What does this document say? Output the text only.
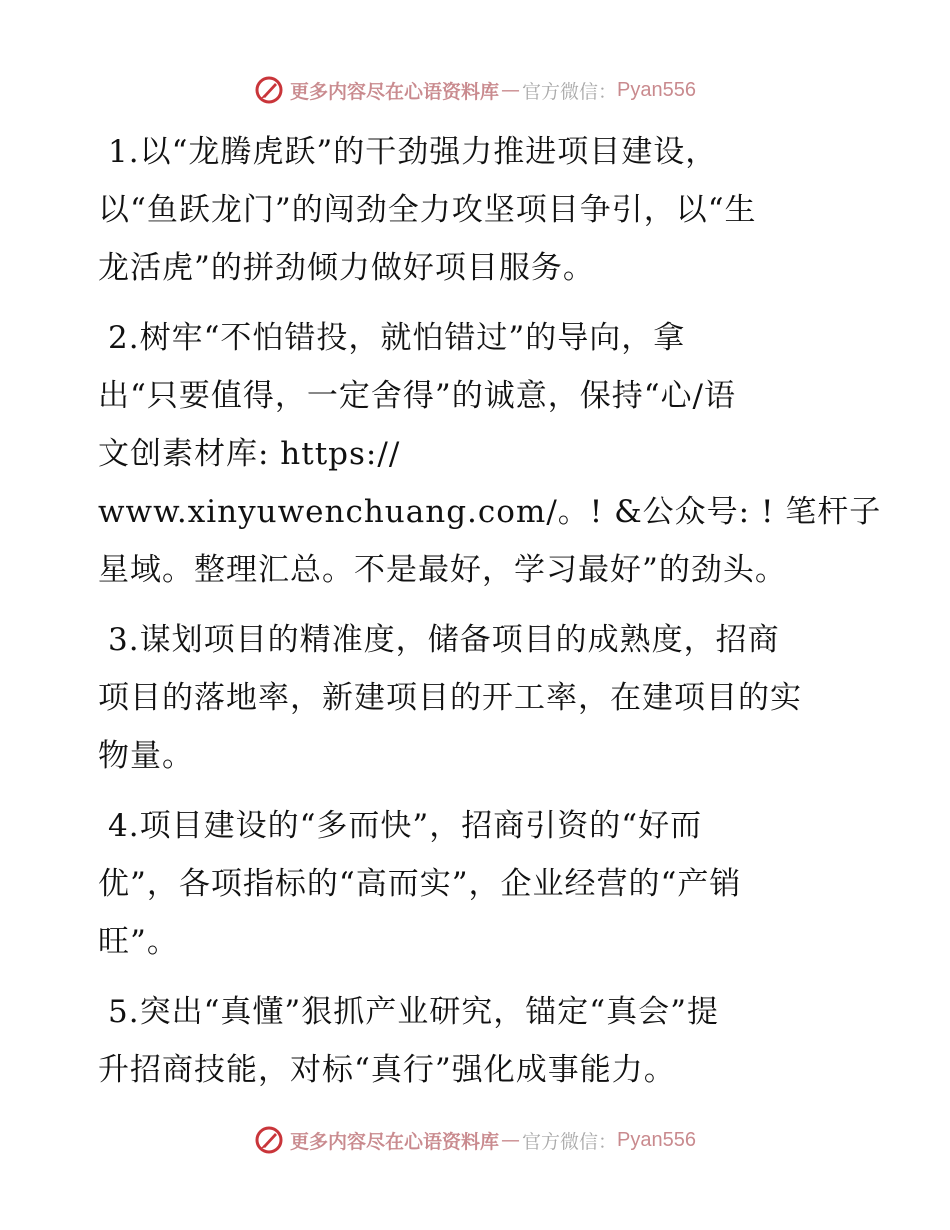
更多内容尽在心语资料库 — 官方微信： Pyan556
1.以“龙腾虎跃”的干劲强力推进项目建设，
以“鱼跃龙门”的闯劲全力攻坚项目争引，以“生
龙活虎”的拼劲倾力做好项目服务。
2.树牢“不怕错投，就怕错过”的导向，拿
出“只要值得，一定舍得”的诚意，保持“心/语
文创素材库: https://
www.xinyuwenchuang.com/。! &公众号: ! 笔杆子
星域。整理汇总。不是最好，学习最好”的劲头。
3.谋划项目的精准度，储备项目的成熟度，招商
项目的落地率，新建项目的开工率，在建项目的实
物量。
4.项目建设的“多而快”，招商引资的“好而
优”，各项指标的“高而实”，企业经营的“产销
旺”。
5.突出“真懂”狠抓产业研究，锚定“真会”提
升招商技能，对标“真行”强化成事能力。
更多内容尽在心语资料库 — 官方微信： Pyan556
